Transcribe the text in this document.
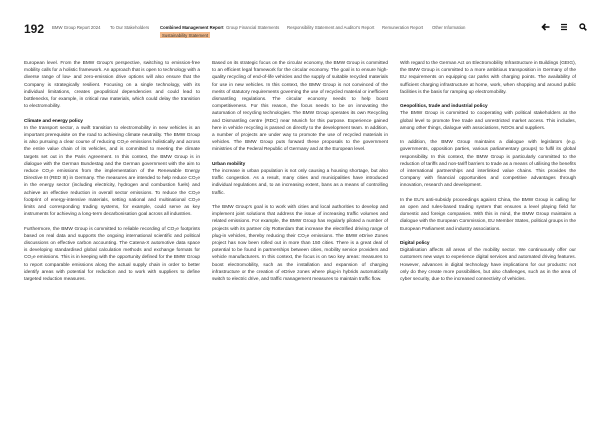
192 BMW Group Report 2024 To Our Stakeholders	Combined Management Report Group Financial Statements Responsibility Statement and Auditor's Report Remuneration Report Other Information
Sustainability Statement

European level. From the BMW Group's perspective, switching to emission-free mobility calls for a holistic framework. An approach that is open to technology with a diverse range of low- and zero-emission drive options will also ensure that the Company is strategically resilient. Focusing on a single technology, with its individual limitations, creates geopolitical dependencies and could lead to bottlenecks, for example, in critical raw materials, which could delay the transition to electromobility.

Climate and energy policy

In the transport sector, a swift transition to electromobility in new vehicles is an important prerequisite on the road to achieving climate neutrality. The BMW Group is also pursuing a clear course of reducing CO₂e emissions holistically and across the entire value chain of its vehicles, and is committed to meeting the climate targets set out in the Paris Agreement. In this context, the BMW Group is in dialogue with the German Bundestag and the German government with the aim to reduce CO₂e emissions from the implementation of the Renewable Energy Directive III (RED III) in Germany. The measures are intended to help reduce CO₂e in the energy sector (including electricity, hydrogen and combustion fuels) and achieve an effective reduction in overall sector emissions. To reduce the CO₂e footprint of energy-intensive materials, setting national and multinational CO₂e limits and corresponding trading systems, for example, could serve as key instruments for achieving a long-term decarbonisation goal across all industries.

Furthermore, the BMW Group is committed to reliable recording of CO₂e footprints based on real data and supports the ongoing international scientific and political discussions on effective carbon accounting. The Catena-X automotive data space is developing standardised global calculation methods and exchange formats for CO₂e emissions. This is in keeping with the opportunity defined for the BMW Group to report comparable emissions along the actual supply chain in order to better identify areas with potential for reduction and to work with suppliers to define targeted reduction measures.

Based on its strategic focus on the circular economy, the BMW Group is committed to an efficient legal framework for the circular economy. The goal is to ensure high-quality recycling of end-of-life vehicles and the supply of suitable recycled materials for use in new vehicles. In this context, the BMW Group is not convinced of the merits of statutory requirements governing the use of recycled material or inefficient dismantling regulations. The circular economy needs to help boost competitiveness. For this reason, the focus needs to be on innovating the automation of recycling technologies. The BMW Group operates its own Recycling and Dismantling centre (RDC) near Munich for this purpose. Experience gained here in vehicle recycling is passed on directly to the development team. In addition, a number of projects are under way to promote the use of recycled materials in vehicles. The BMW Group puts forward these proposals to the government ministries of the Federal Republic of Germany and at the European level.

Urban mobility

The increase in urban population is not only causing a housing shortage, but also traffic congestion. As a result, many cities and municipalities have introduced individual regulations and, to an increasing extent, bans as a means of controlling traffic.

The BMW Group's goal is to work with cities and local authorities to develop and implement joint solutions that address the issue of increasing traffic volumes and related emissions. For example, the BMW Group has regularly piloted a number of projects with its partner city Rotterdam that increase the electrified driving range of plug-in vehicles, thereby reducing their CO₂e emissions. The BMW eDrive Zones project has now been rolled out in more than 150 cities. There is a great deal of potential to be found in partnerships between cities, mobility service providers and vehicle manufacturers. In this context, the focus is on two key areas: measures to boost electromobility, such as the installation and expansion of charging infrastructure or the creation of eDrive zones where plug-in hybrids automatically switch to electric drive, and traffic management measures to maintain traffic flow.

With regard to the German Act on Electromobility Infrastructure in Buildings (GEIG), the BMW Group is committed to a more ambitious transposition in Germany of the EU requirements on equipping car parks with charging points. The availability of sufficient charging infrastructure at home, work, when shopping and around public facilities is the basis for ramping up electromobility.

Geopolitics, trade and industrial policy

The BMW Group is committed to cooperating with political stakeholders at the global level to promote free trade and unrestricted market access. This includes, among other things, dialogue with associations, NGOs and suppliers.

In addition, the BMW Group maintains a dialogue with legislators (e.g. governments, opposition parties, various parliamentary groups) to fulfil its global responsibility. In this context, the BMW Group is particularly committed to the reduction of tariffs and non-tariff barriers to trade as a means of utilising the benefits of international partnerships and interlinked value chains. This provides the Company with financial opportunities and competitive advantages through innovation, research and development.

In the EU's anti-subsidy proceedings against China, the BMW Group is calling for an open and rules-based trading system that ensures a level playing field for domestic and foreign companies. With this in mind, the BMW Group maintains a dialogue with the European Commission, EU Member States, political groups in the European Parliament and industry associations.

Digital policy

Digitalisation affects all areas of the mobility sector. We continuously offer our customers new ways to experience digital services and automated driving features. However, advances in digital technology have implications for our products: not only do they create more possibilities, but also challenges, such as in the area of cyber security, due to the increased connectivity of vehicles.
